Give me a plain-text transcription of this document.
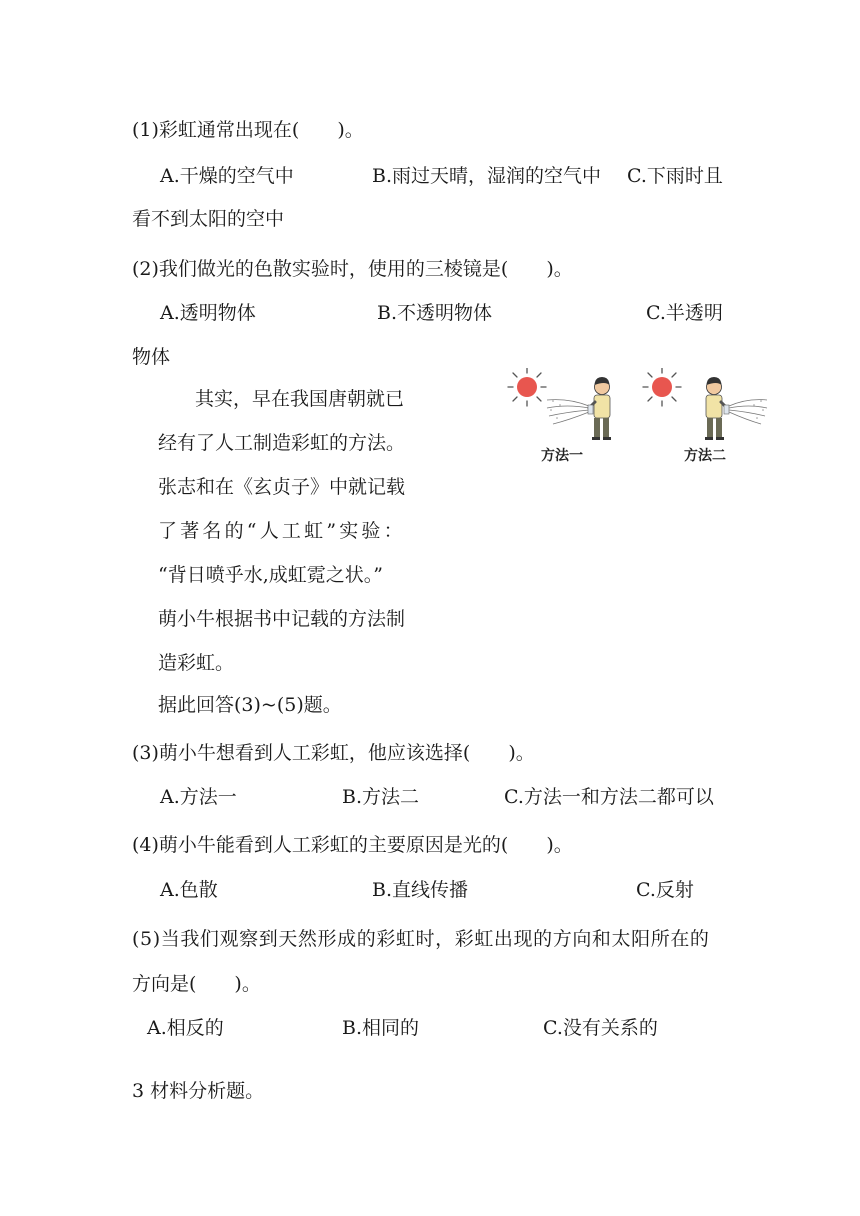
(1)彩虹通常出现在(　　)。
A.干燥的空气中	B.雨过天晴，湿润的空气中 C.下雨时且
看不到太阳的空中
(2)我们做光的色散实验时，使用的三棱镜是(　　)。
A.透明物体	B.不透明物体	C.半透明
物体
其实，早在我国唐朝就已
经有了人工制造彩虹的方法。
张志和在《玄贞子》中就记载
了著名的“人工虹”实验：
“背日喷乎水,成虹霓之状。”
萌小牛根据书中记载的方法制
造彩虹。
据此回答(3)~(5)题。
方法一	方法二
(3)萌小牛想看到人工彩虹，他应该选择(　　)。
A.方法一	B.方法二	C.方法一和方法二都可以
(4)萌小牛能看到人工彩虹的主要原因是光的(　　)。
A.色散	B.直线传播	C.反射
(5)当我们观察到天然形成的彩虹时，彩虹出现的方向和太阳所在的
方向是(　　)。
A.相反的	B.相同的	C.没有关系的
3 材料分析题。
